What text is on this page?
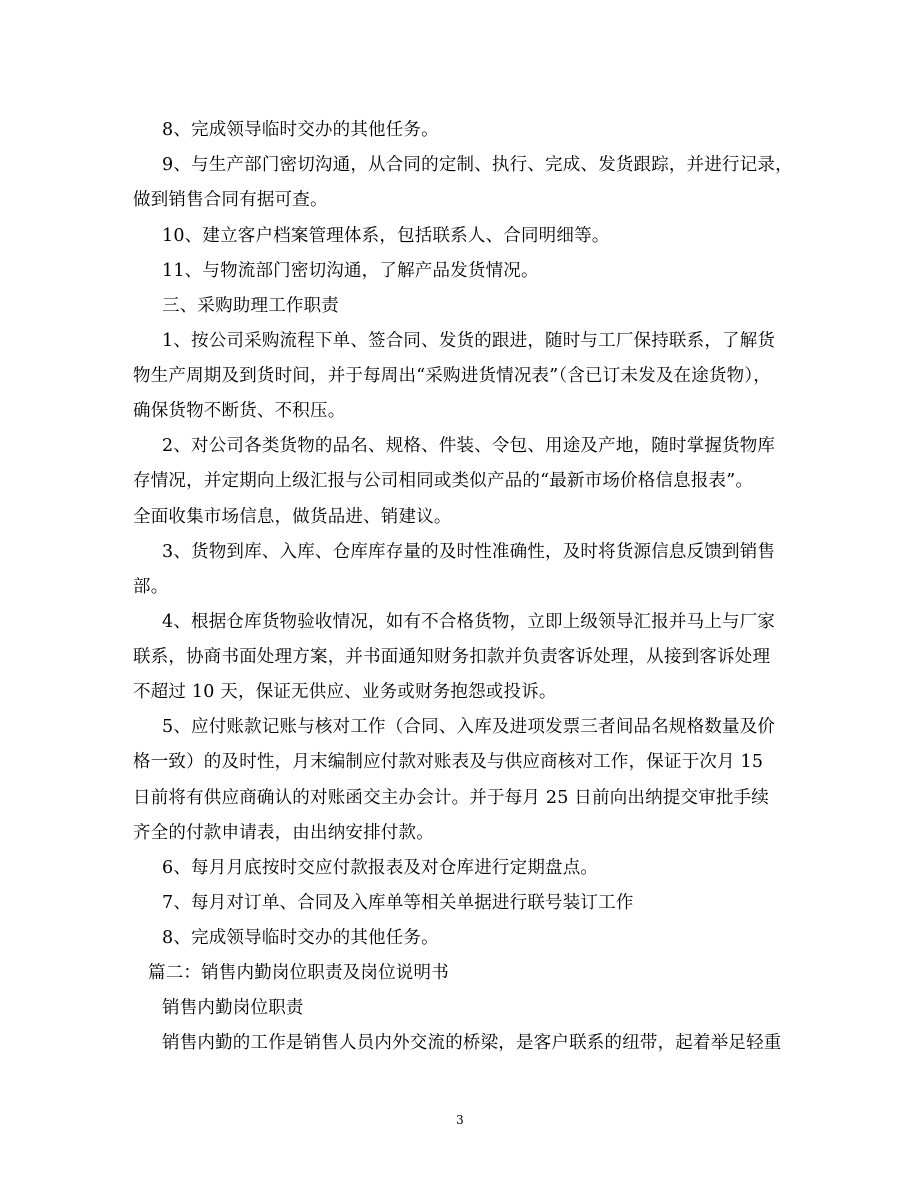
8、完成领导临时交办的其他任务。
9、与生产部门密切沟通，从合同的定制、执行、完成、发货跟踪，并进行记录，
做到销售合同有据可查。
10、建立客户档案管理体系，包括联系人、合同明细等。
11、与物流部门密切沟通，了解产品发货情况。
三、采购助理工作职责
1、按公司采购流程下单、签合同、发货的跟进，随时与工厂保持联系，了解货
物生产周期及到货时间，并于每周出“采购进货情况表”（含已订未发及在途货物），
确保货物不断货、不积压。
2、对公司各类货物的品名、规格、件装、令包、用途及产地，随时掌握货物库
存情况，并定期向上级汇报与公司相同或类似产品的“最新市场价格信息报表”。
全面收集市场信息，做货品进、销建议。
3、货物到库、入库、仓库库存量的及时性准确性，及时将货源信息反馈到销售
部。
4、根据仓库货物验收情况，如有不合格货物，立即上级领导汇报并马上与厂家
联系，协商书面处理方案，并书面通知财务扣款并负责客诉处理，从接到客诉处理
不超过 10 天，保证无供应、业务或财务抱怨或投诉。
5、应付账款记账与核对工作（合同、入库及进项发票三者间品名规格数量及价
格一致）的及时性，月末编制应付款对账表及与供应商核对工作，保证于次月 15
日前将有供应商确认的对账函交主办会计。并于每月 25 日前向出纳提交审批手续
齐全的付款申请表，由出纳安排付款。
6、每月月底按时交应付款报表及对仓库进行定期盘点。
7、每月对订单、合同及入库单等相关单据进行联号装订工作
8、完成领导临时交办的其他任务。
篇二：销售内勤岗位职责及岗位说明书
销售内勤岗位职责
销售内勤的工作是销售人员内外交流的桥梁，是客户联系的纽带，起着举足轻重
3
